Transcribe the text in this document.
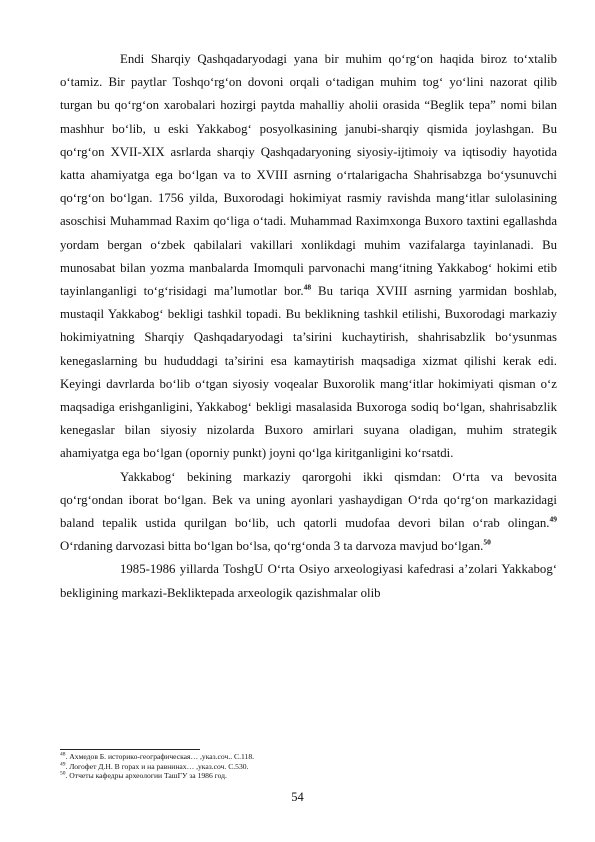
Endi Sharqiy Qashqadaryodagi yana bir muhim qo‘rg‘on haqida biroz to‘xtalib o‘tamiz. Bir paytlar Toshqo‘rg‘on dovoni orqali o‘tadigan muhim tog‘ yo‘lini nazorat qilib turgan bu qo‘rg‘on xarobalari hozirgi paytda mahalliy aholii orasida “Beglik tepa” nomi bilan mashhur bo‘lib, u eski Yakkabog‘ posyolkasining janubi-sharqiy qismida joylashgan. Bu qo‘rg‘on XVII-XIX asrlarda sharqiy Qashqadaryoning siyosiy-ijtimoiy va iqtisodiy hayotida katta ahamiyatga ega bo‘lgan va to XVIII asrning o‘rtalarigacha Shahrisabzga bo‘ysunuvchi qo‘rg‘on bo‘lgan. 1756 yilda, Buxorodagi hokimiyat rasmiy ravishda mang‘itlar sulolasining asoschisi Muhammad Raxim qo‘liga o‘tadi. Muhammad Raximxonga Buxoro taxtini egallashda yordam bergan o‘zbek qabilalari vakillari xonlikdagi muhim vazifalarga tayinlanadi. Bu munosabat bilan yozma manbalarda Imomquli parvonachi mang‘itning Yakkabog‘ hokimi etib tayinlanganligi to‘g‘risidagi ma’lumotlar bor.$^{48}$ Bu tariqa XVIII asrning yarmidan boshlab, mustaqil Yakkabog‘ bekligi tashkil topadi. Bu beklikning tashkil etilishi, Buxorodagi markaziy hokimiyatning Sharqiy Qashqadaryodagi ta’sirini kuchaytirish, shahrisabzlik bo‘ysunmas kenegaslarning bu hududdagi ta’sirini esa kamaytirish maqsadiga xizmat qilishi kerak edi. Keyingi davrlarda bo‘lib o‘tgan siyosiy voqealar Buxorolik mang‘itlar hokimiyati qisman o‘z maqsadiga erishganligini, Yakkabog‘ bekligi masalasida Buxoroga sodiq bo‘lgan, shahrisabzlik kenegaslar bilan siyosiy nizolarda Buxoro amirlari suyana oladigan, muhim strategik ahamiyatga ega bo‘lgan (oporniy punkt) joyni qo‘lga kiritganligini ko‘rsatdi.

Yakkabog‘ bekining markaziy qarorgohi ikki qismdan: O‘rta va bevosita qo‘rg‘ondan iborat bo‘lgan. Bek va uning ayonlari yashaydigan O‘rda qo‘rg‘on markazidagi baland tepalik ustida qurilgan bo‘lib, uch qatorli mudofaa devori bilan o‘rab olingan.$^{49}$ O‘rdaning darvozasi bitta bo‘lgan bo‘lsa, qo‘rg‘onda 3 ta darvoza mavjud bo‘lgan.$^{50}$

1985-1986 yillarda ToshgU O‘rta Osiyo arxeologiyasi kafedrasi a’zolari Yakkabog‘ bekligining markazi-Bekliktepada arxeologik qazishmalar olib

$^{48}$. Ахмедов Б. историко-географическая… ,указ.соч.. С.118.

$^{49}$. Логофет Д.Н. В горах и на равнинах… ,указ.соч. С.530.

$^{50}$. Отчеты кафедры археологии ТашГУ за 1986 год.

54
